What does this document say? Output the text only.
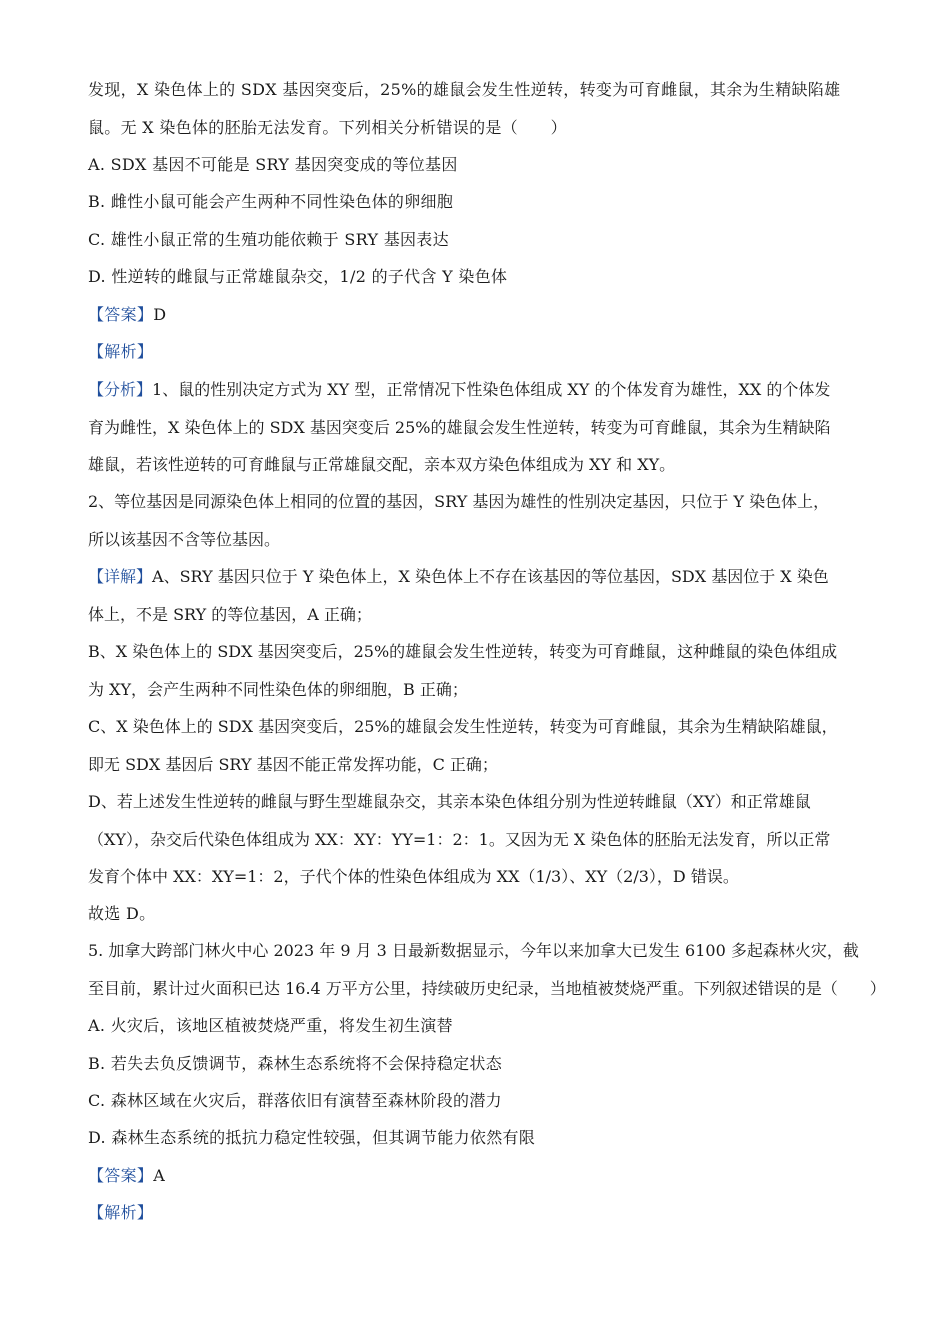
发现，X 染色体上的 SDX 基因突变后，25%的雄鼠会发生性逆转，转变为可育雌鼠，其余为生精缺陷雄
鼠。无 X 染色体的胚胎无法发育。下列相关分析错误的是（　　）
A. SDX 基因不可能是 SRY 基因突变成的等位基因
B. 雌性小鼠可能会产生两种不同性染色体的卵细胞
C. 雄性小鼠正常的生殖功能依赖于 SRY 基因表达
D. 性逆转的雌鼠与正常雄鼠杂交，1/2 的子代含 Y 染色体
【答案】D
【解析】
【分析】1、鼠的性别决定方式为 XY 型，正常情况下性染色体组成 XY 的个体发育为雄性，XX 的个体发
育为雌性，X 染色体上的 SDX 基因突变后 25%的雄鼠会发生性逆转，转变为可育雌鼠，其余为生精缺陷
雄鼠，若该性逆转的可育雌鼠与正常雄鼠交配，亲本双方染色体组成为 XY 和 XY。
2、等位基因是同源染色体上相同的位置的基因，SRY 基因为雄性的性别决定基因，只位于 Y 染色体上，
所以该基因不含等位基因。
【详解】A、SRY 基因只位于 Y 染色体上，X 染色体上不存在该基因的等位基因，SDX 基因位于 X 染色
体上，不是 SRY 的等位基因，A 正确；
B、X 染色体上的 SDX 基因突变后，25%的雄鼠会发生性逆转，转变为可育雌鼠，这种雌鼠的染色体组成
为 XY，会产生两种不同性染色体的卵细胞，B 正确；
C、X 染色体上的 SDX 基因突变后，25%的雄鼠会发生性逆转，转变为可育雌鼠，其余为生精缺陷雄鼠，
即无 SDX 基因后 SRY 基因不能正常发挥功能，C 正确；
D、若上述发生性逆转的雌鼠与野生型雄鼠杂交，其亲本染色体组分别为性逆转雌鼠（XY）和正常雄鼠
（XY），杂交后代染色体组成为 XX：XY：YY=1：2：1。又因为无 X 染色体的胚胎无法发育，所以正常
发育个体中 XX：XY=1：2，子代个体的性染色体组成为 XX（1/3）、XY（2/3），D 错误。
故选 D。
5. 加拿大跨部门林火中心 2023 年 9 月 3 日最新数据显示，今年以来加拿大已发生 6100 多起森林火灾，截
至目前，累计过火面积已达 16.4 万平方公里，持续破历史纪录，当地植被焚烧严重。下列叙述错误的是（　　）
A. 火灾后，该地区植被焚烧严重，将发生初生演替
B. 若失去负反馈调节，森林生态系统将不会保持稳定状态
C. 森林区域在火灾后，群落依旧有演替至森林阶段的潜力
D. 森林生态系统的抵抗力稳定性较强，但其调节能力依然有限
【答案】A
【解析】
